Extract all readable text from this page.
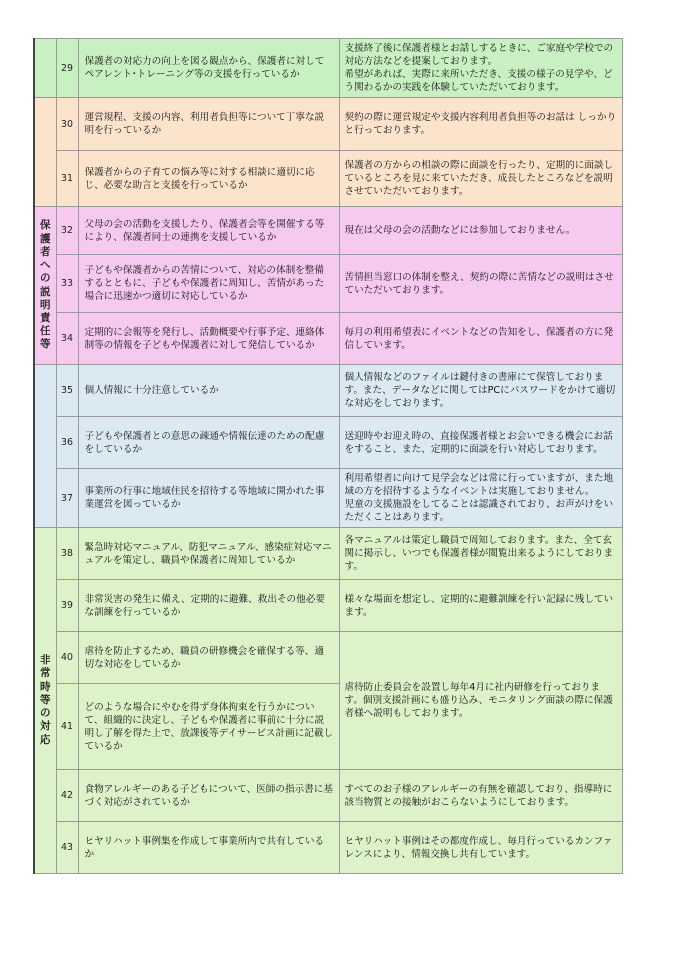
	29	保護者の対応力の向上を図る観点から、保護者に対してペアレント･トレーニング等の支援を行っているか	支援終了後に保護者様とお話しするときに、ご家庭や学校での対応方法などを提案しております。
希望があれば、実際に来所いただき、支援の様子の見学や、どう関わるかの実践を体験していただいております。
	30	運営規程、支援の内容、利用者負担等について丁寧な説明を行っているか	契約の際に運営規定や支援内容利用者負担等のお話は しっかりと行っております。
	31	保護者からの子育ての悩み等に対する相談に適切に応じ、必要な助言と支援を行っているか	保護者の方からの相談の際に面談を行ったり、定期的に面談しているところを見に来ていただき、成長したところなどを説明させていただいております。
保護者への説明責任等	32	父母の会の活動を支援したり、保護者会等を開催する等により、保護者同士の連携を支援しているか	現在は父母の会の活動などには参加しておりません。
	33	子どもや保護者からの苦情について、対応の体制を整備するとともに、子どもや保護者に周知し、苦情があった場合に迅速かつ適切に対応しているか	苦情担当窓口の体制を整え、契約の際に苦情などの説明はさせていただいております。
	34	定期的に会報等を発行し、活動概要や行事予定、連絡体制等の情報を子どもや保護者に対して発信しているか	毎月の利用希望表にイベントなどの告知をし、保護者の方に発信しています。
	35	個人情報に十分注意しているか	個人情報などのファイルは鍵付きの書庫にて保管しております。また、データなどに関してはPCにパスワードをかけて適切な対応をしております。
	36	子どもや保護者との意思の疎通や情報伝達のための配慮をしているか	送迎時やお迎え時の、直接保護者様とお会いできる機会にお話をすること、また、定期的に面談を行い対応しております。
	37	事業所の行事に地域住民を招待する等地域に開かれた事業運営を図っているか	利用希望者に向けて見学会などは常に行っていますが、また地域の方を招待するようなイベントは実施しておりません。
児童の支援施設をしてることは認識されており、お声がけをいただくことはあります。
非常時等の対応	38	緊急時対応マニュアル、防犯マニュアル、感染症対応マニュアルを策定し、職員や保護者に周知しているか	各マニュアルは策定し職員で周知しております。また、全て玄関に掲示し、いつでも保護者様が閲覧出来るようにしております。
	39	非常災害の発生に備え、定期的に避難、救出その他必要な訓練を行っているか	様々な場面を想定し、定期的に避難訓練を行い記録に残しています。
	40	虐待を防止するため、職員の研修機会を確保する等、適切な対応をしているか	虐待防止委員会を設置し毎年4月に社内研修を行っております。個別支援計画にも盛り込み、モニタリング面談の際に保護者様へ説明もしております。
	41	どのような場合にやむを得ず身体拘束を行うかについて、組織的に決定し、子どもや保護者に事前に十分に説明し了解を得た上で、放課後等デイサービス計画に記載しているか	
	42	食物アレルギーのある子どもについて、医師の指示書に基づく対応がされているか	すべてのお子様のアレルギーの有無を確認しており、指導時に該当物質との接触がおこらないようにしております。
	43	ヒヤリハット事例集を作成して事業所内で共有しているか	ヒヤリハット事例はその都度作成し、毎月行っているカンファレンスにより、情報交換し共有しています。
